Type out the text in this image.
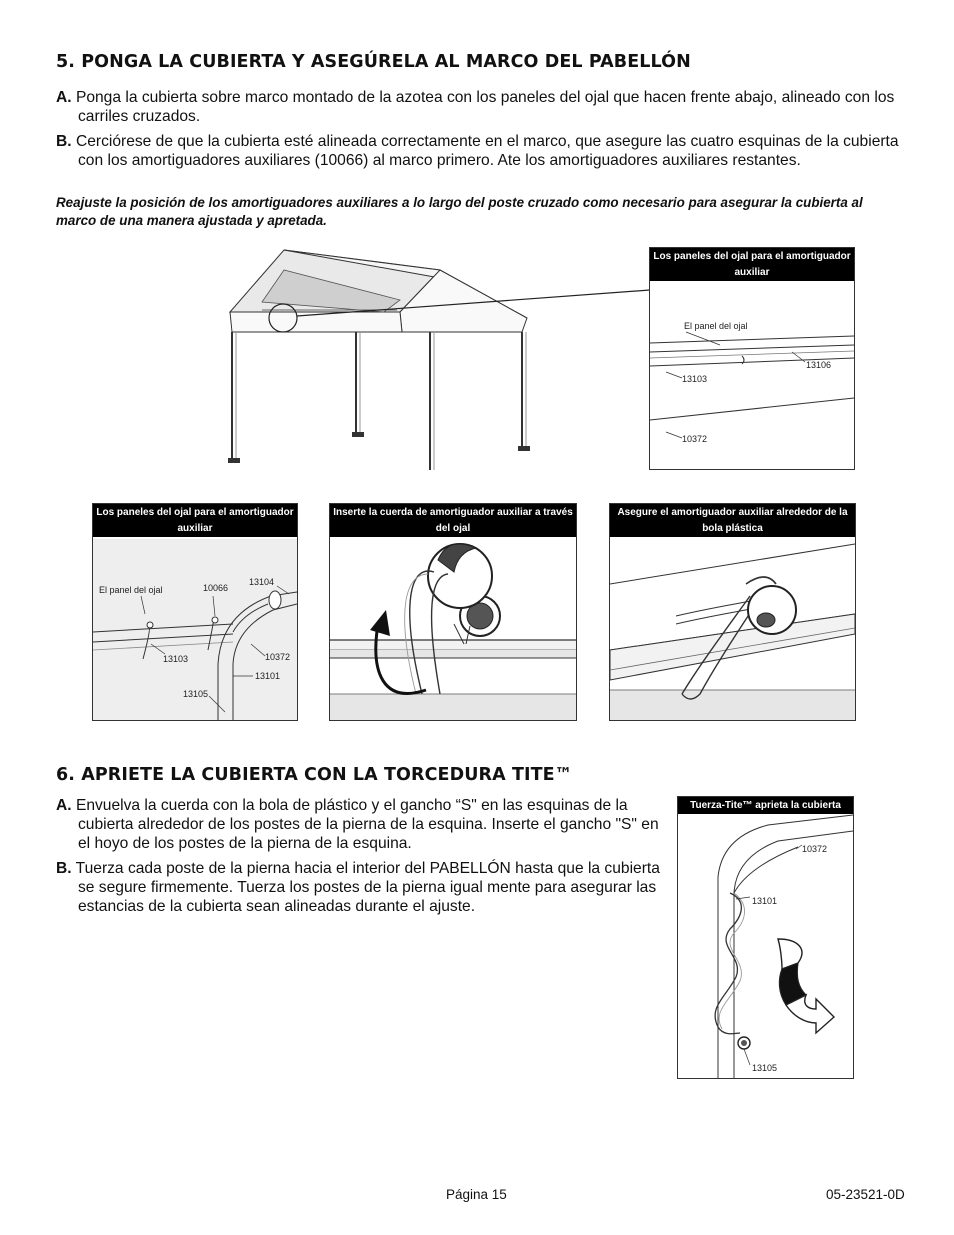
5. PONGA LA CUBIERTA Y ASEGÚRELA AL MARCO DEL PABELLÓN

A. Ponga la cubierta sobre marco montado de la azotea con los paneles del ojal que hacen frente abajo, alineado con los carriles cruzados.

B. Cerciórese de que la cubierta esté alineada correctamente en el marco, que asegure las cuatro esquinas de la cubierta con los amortiguadores auxiliares (10066) al marco primero. Ate los amortiguadores auxiliares restantes.

Reajuste la posición de los amortiguadores auxiliares a lo largo del poste cruzado como necesario para asegurar la cubierta al marco de una manera ajustada y apretada.

Los paneles del ojal para el amortiguador auxiliar
El panel del ojal
13103
13106
10372
Los paneles del ojal para el amortiguador auxiliar
El panel del ojal	10066
13104
13103	10372
13101
13105
Inserte la cuerda de amortiguador auxiliar a través del ojal
Asegure el amortiguador auxiliar alrededor de la bola plástica
6. APRIETE LA CUBIERTA CON LA TORCEDURA TITE™

A. Envuelva la cuerda con la bola de plástico y el gancho “S" en las esquinas de la cubierta alrededor de los postes de la pierna de la esquina. Inserte el gancho "S" en el hoyo de los postes de la pierna de la esquina.

B. Tuerza cada poste de la pierna hacia el interior del PABELLÓN hasta que la cubierta se segure firmemente. Tuerza los postes de la pierna igual mente para asegurar las estancias de la cubierta sean alineadas durante el ajuste.

Tuerza-Tite™ aprieta la cubierta
10372
13101
13105
Página 15	05-23521-0D
